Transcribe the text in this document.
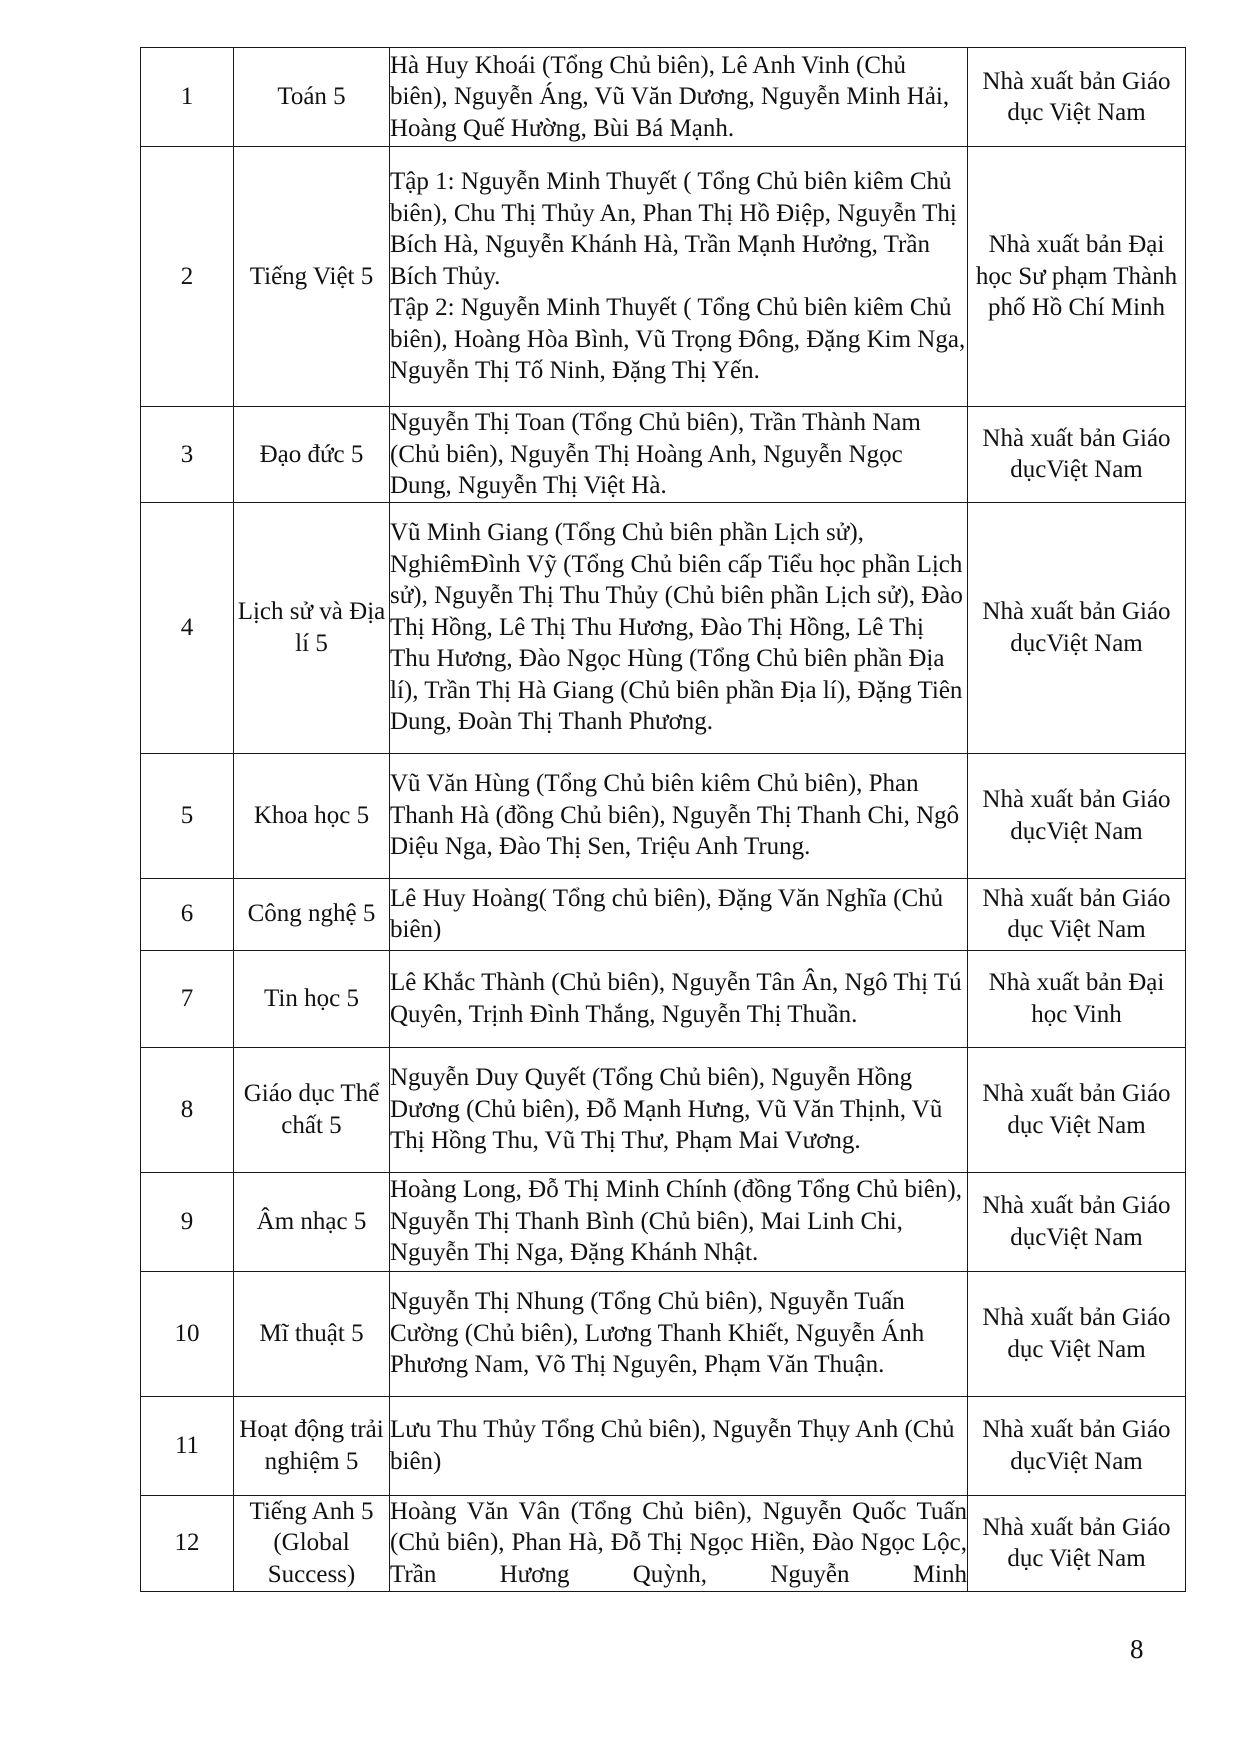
1	Toán 5	Hà Huy Khoái (Tổng Chủ biên), Lê Anh Vinh (Chủ biên), Nguyễn Áng, Vũ Văn Dương, Nguyễn Minh Hải, Hoàng Quế Hường, Bùi Bá Mạnh.	Nhà xuất bản Giáo dục Việt Nam
2	Tiếng Việt 5	Tập 1: Nguyễn Minh Thuyết ( Tổng Chủ biên kiêm Chủ biên), Chu Thị Thủy An, Phan Thị Hồ Điệp, Nguyễn Thị Bích Hà, Nguyễn Khánh Hà, Trần Mạnh Hưởng, Trần Bích Thủy.
Tập 2: Nguyễn Minh Thuyết ( Tổng Chủ biên kiêm Chủ biên), Hoàng Hòa Bình, Vũ Trọng Đông, Đặng Kim Nga, Nguyễn Thị Tố Ninh, Đặng Thị Yến.	Nhà xuất bản Đại học Sư phạm Thành phố Hồ Chí Minh
3	Đạo đức 5	Nguyễn Thị Toan (Tổng Chủ biên), Trần Thành Nam (Chủ biên), Nguyễn Thị Hoàng Anh, Nguyễn Ngọc Dung, Nguyễn Thị Việt Hà.	Nhà xuất bản Giáo dụcViệt Nam
4	Lịch sử và Địa lí 5	Vũ Minh Giang (Tổng Chủ biên phần Lịch sử), NghiêmĐình Vỹ (Tổng Chủ biên cấp Tiểu học phần Lịch sử), Nguyễn Thị Thu Thủy (Chủ biên phần Lịch sử), Đào Thị Hồng, Lê Thị Thu Hương, Đào Thị Hồng, Lê Thị Thu Hương, Đào Ngọc Hùng (Tổng Chủ biên phần Địa lí), Trần Thị Hà Giang (Chủ biên phần Địa lí), Đặng Tiên Dung, Đoàn Thị Thanh Phương.	Nhà xuất bản Giáo dụcViệt Nam
5	Khoa học 5	Vũ Văn Hùng (Tổng Chủ biên kiêm Chủ biên), Phan Thanh Hà (đồng Chủ biên), Nguyễn Thị Thanh Chi, Ngô Diệu Nga, Đào Thị Sen, Triệu Anh Trung.	Nhà xuất bản Giáo dụcViệt Nam
6	Công nghệ 5	Lê Huy Hoàng( Tổng chủ biên), Đặng Văn Nghĩa (Chủ biên)	Nhà xuất bản Giáo dục Việt Nam
7	Tin học 5	Lê Khắc Thành (Chủ biên), Nguyễn Tân Ân, Ngô Thị Tú Quyên, Trịnh Đình Thắng, Nguyễn Thị Thuần.	Nhà xuất bản Đại học Vinh
8	Giáo dục Thể chất 5	Nguyễn Duy Quyết (Tổng Chủ biên), Nguyễn Hồng Dương (Chủ biên), Đỗ Mạnh Hưng, Vũ Văn Thịnh, Vũ Thị Hồng Thu, Vũ Thị Thư, Phạm Mai Vương.	Nhà xuất bản Giáo dục Việt Nam
9	Âm nhạc 5	Hoàng Long, Đỗ Thị Minh Chính (đồng Tổng Chủ biên), Nguyễn Thị Thanh Bình (Chủ biên), Mai Linh Chi, Nguyễn Thị Nga, Đặng Khánh Nhật.	Nhà xuất bản Giáo dụcViệt Nam
10	Mĩ thuật 5	Nguyễn Thị Nhung (Tổng Chủ biên), Nguyễn Tuấn Cường (Chủ biên), Lương Thanh Khiết, Nguyễn Ánh Phương Nam, Võ Thị Nguyên, Phạm Văn Thuận.	Nhà xuất bản Giáo dục Việt Nam
11	Hoạt động trải nghiệm 5	Lưu Thu Thủy Tổng Chủ biên), Nguyễn Thụy Anh (Chủ biên)	Nhà xuất bản Giáo dụcViệt Nam
12	Tiếng Anh 5 (Global Success)	Hoàng Văn Vân (Tổng Chủ biên), Nguyễn Quốc Tuấn (Chủ biên), Phan Hà, Đỗ Thị Ngọc Hiền, Đào Ngọc Lộc, Trần Hương Quỳnh, Nguyễn Minh	Nhà xuất bản Giáo dục Việt Nam
8
